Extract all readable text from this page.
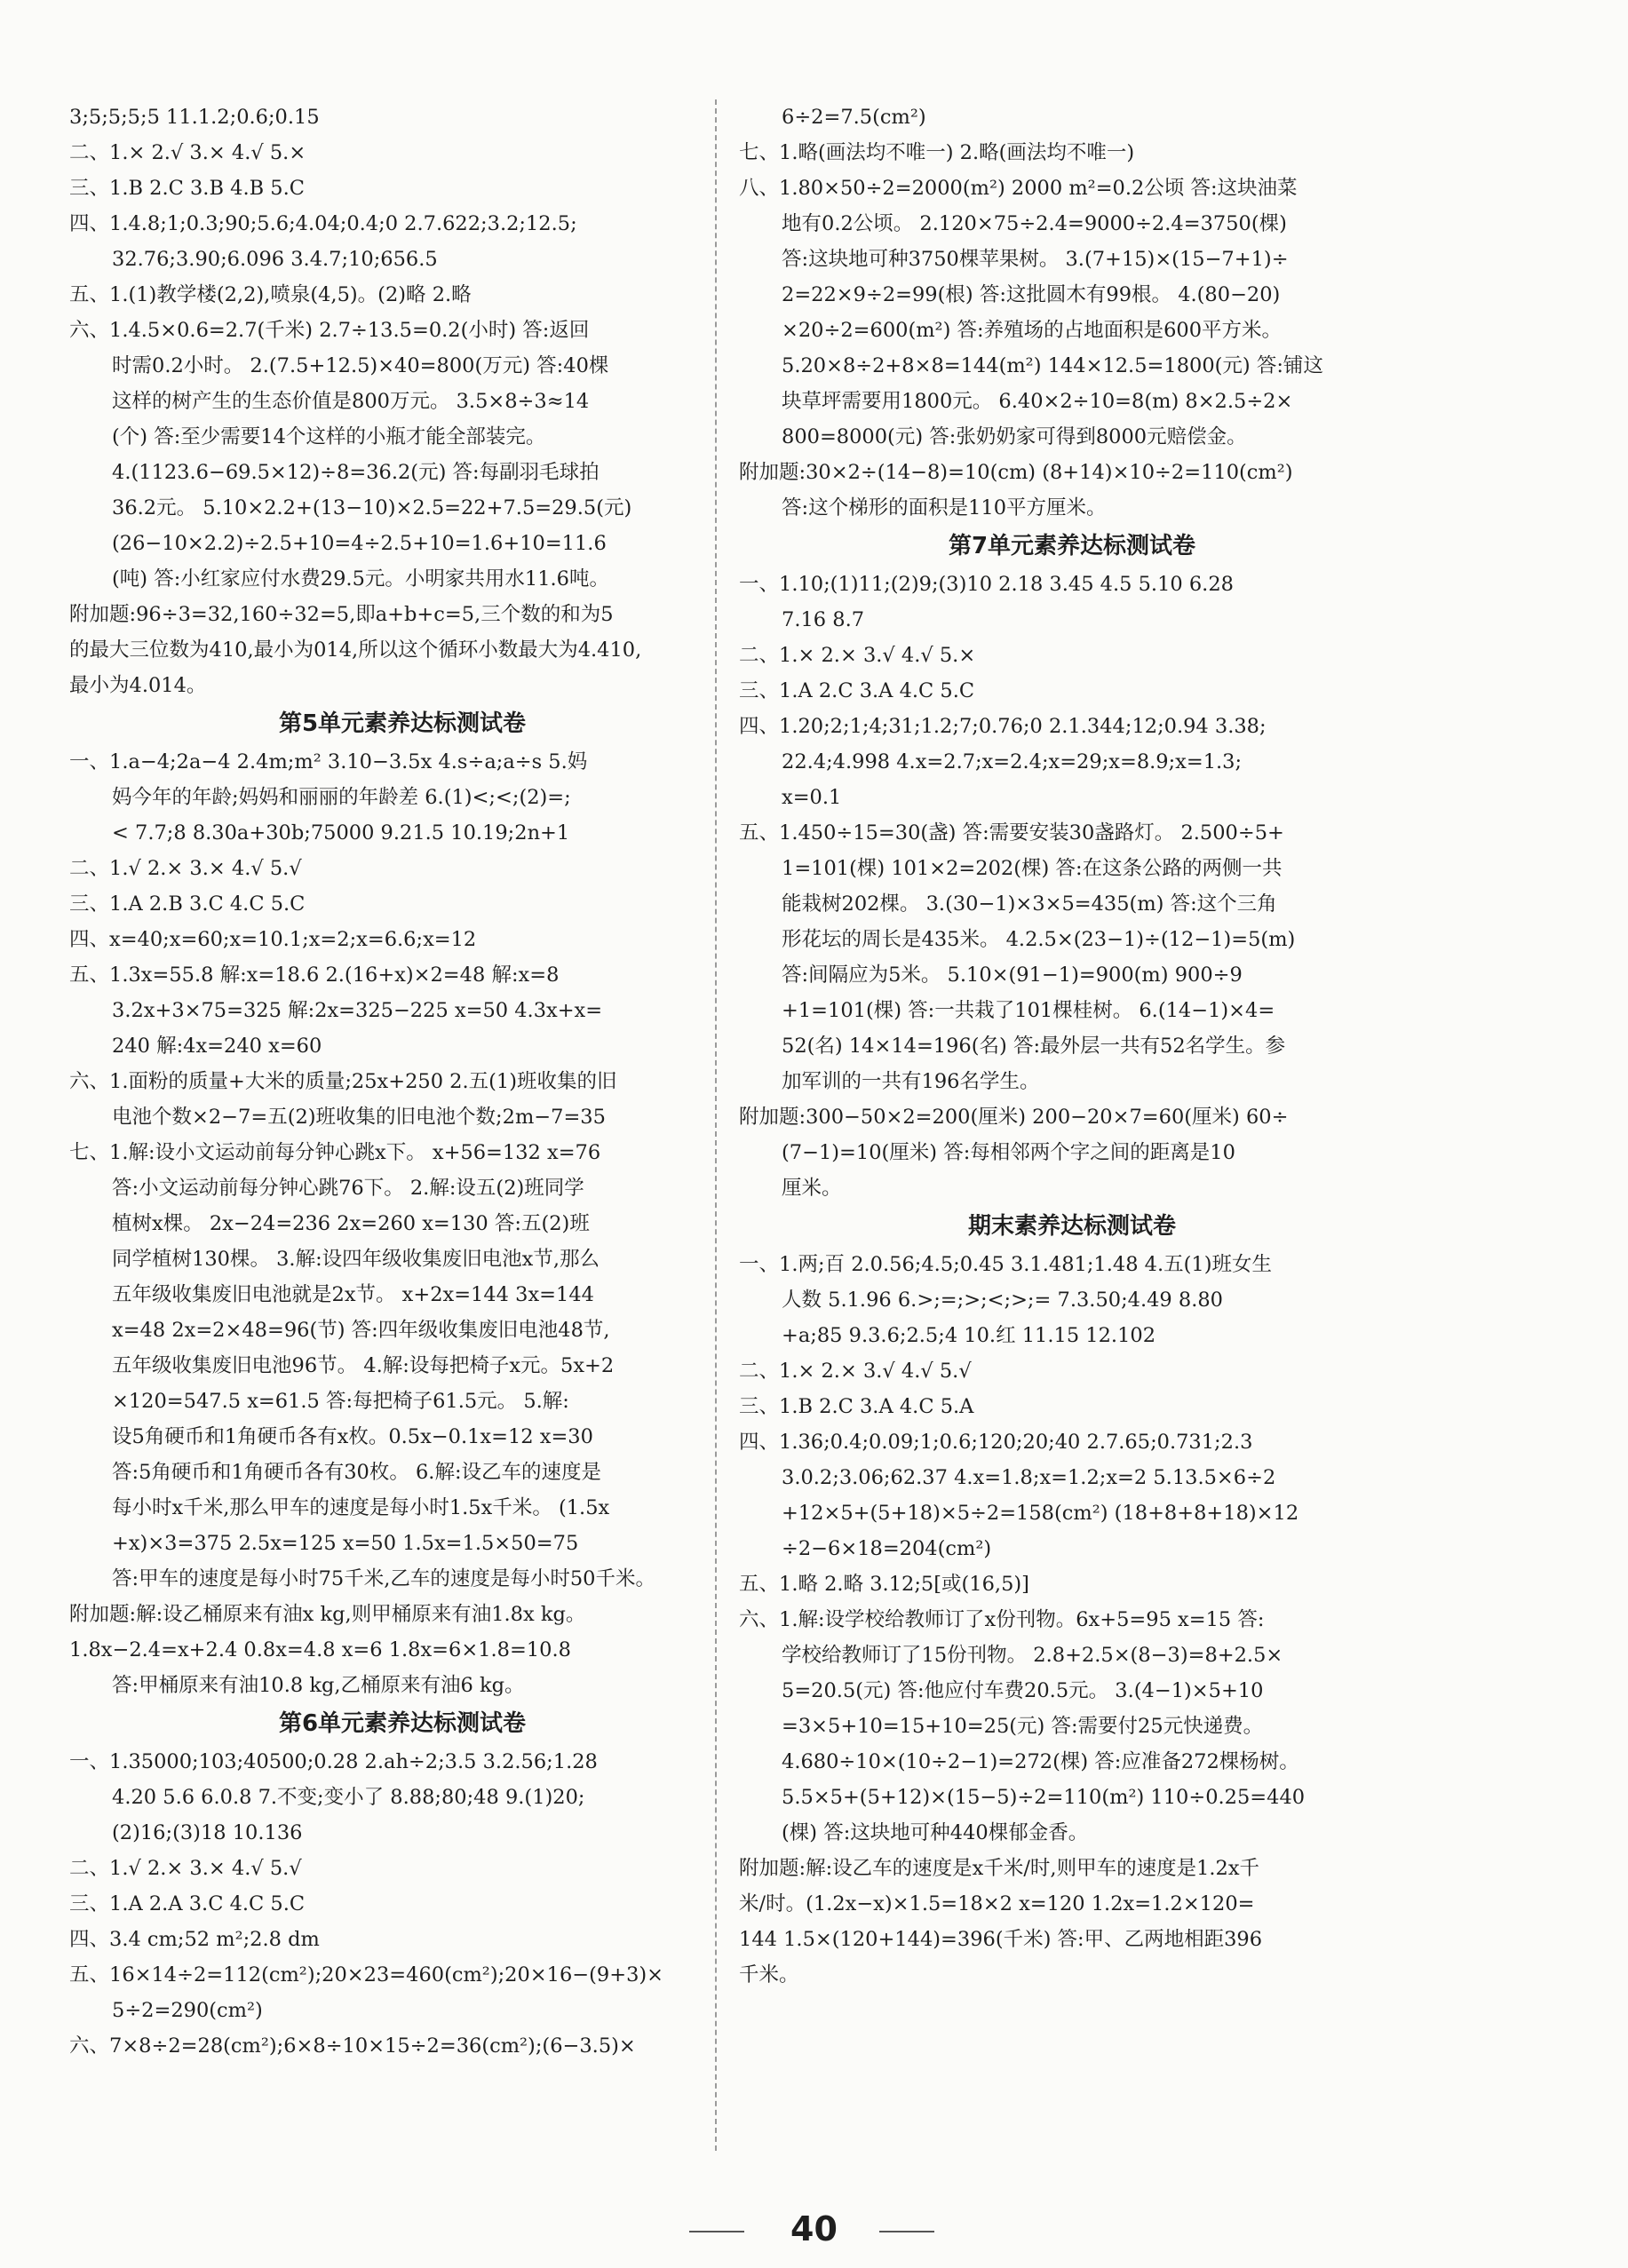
3;5;5;5;5 11.1.2;0.6;0.15
二、1.× 2.√ 3.× 4.√ 5.×
三、1.B 2.C 3.B 4.B 5.C
四、1.4.8;1;0.3;90;5.6;4.04;0.4;0 2.7.622;3.2;12.5;
32.76;3.90;6.096 3.4.7;10;656.5
五、1.(1)教学楼(2,2),喷泉(4,5)。(2)略 2.略
六、1.4.5×0.6=2.7(千米) 2.7÷13.5=0.2(小时) 答:返回
时需0.2小时。 2.(7.5+12.5)×40=800(万元) 答:40棵
这样的树产生的生态价值是800万元。 3.5×8÷3≈14
(个) 答:至少需要14个这样的小瓶才能全部装完。
4.(1123.6−69.5×12)÷8=36.2(元) 答:每副羽毛球拍
36.2元。 5.10×2.2+(13−10)×2.5=22+7.5=29.5(元)
(26−10×2.2)÷2.5+10=4÷2.5+10=1.6+10=11.6
(吨) 答:小红家应付水费29.5元。小明家共用水11.6吨。
附加题:96÷3=32,160÷32=5,即a+b+c=5,三个数的和为5
的最大三位数为410,最小为014,所以这个循环小数最大为4.410,
最小为4.014。
第5单元素养达标测试卷
一、1.a−4;2a−4 2.4m;m² 3.10−3.5x 4.s÷a;a÷s 5.妈
妈今年的年龄;妈妈和丽丽的年龄差 6.(1)<;<;(2)=;
< 7.7;8 8.30a+30b;75000 9.21.5 10.19;2n+1
二、1.√ 2.× 3.× 4.√ 5.√
三、1.A 2.B 3.C 4.C 5.C
四、x=40;x=60;x=10.1;x=2;x=6.6;x=12
五、1.3x=55.8 解:x=18.6 2.(16+x)×2=48 解:x=8
3.2x+3×75=325 解:2x=325−225 x=50 4.3x+x=
240 解:4x=240 x=60
六、1.面粉的质量+大米的质量;25x+250 2.五(1)班收集的旧
电池个数×2−7=五(2)班收集的旧电池个数;2m−7=35
七、1.解:设小文运动前每分钟心跳x下。 x+56=132 x=76
答:小文运动前每分钟心跳76下。 2.解:设五(2)班同学
植树x棵。 2x−24=236 2x=260 x=130 答:五(2)班
同学植树130棵。 3.解:设四年级收集废旧电池x节,那么
五年级收集废旧电池就是2x节。 x+2x=144 3x=144
x=48 2x=2×48=96(节) 答:四年级收集废旧电池48节,
五年级收集废旧电池96节。 4.解:设每把椅子x元。5x+2
×120=547.5 x=61.5 答:每把椅子61.5元。 5.解:
设5角硬币和1角硬币各有x枚。0.5x−0.1x=12 x=30
答:5角硬币和1角硬币各有30枚。 6.解:设乙车的速度是
每小时x千米,那么甲车的速度是每小时1.5x千米。 (1.5x
+x)×3=375 2.5x=125 x=50 1.5x=1.5×50=75
答:甲车的速度是每小时75千米,乙车的速度是每小时50千米。
附加题:解:设乙桶原来有油x kg,则甲桶原来有油1.8x kg。
1.8x−2.4=x+2.4 0.8x=4.8 x=6 1.8x=6×1.8=10.8
答:甲桶原来有油10.8 kg,乙桶原来有油6 kg。
第6单元素养达标测试卷
一、1.35000;103;40500;0.28 2.ah÷2;3.5 3.2.56;1.28
4.20 5.6 6.0.8 7.不变;变小了 8.88;80;48 9.(1)20;
(2)16;(3)18 10.136
二、1.√ 2.× 3.× 4.√ 5.√
三、1.A 2.A 3.C 4.C 5.C
四、3.4 cm;52 m²;2.8 dm
五、16×14÷2=112(cm²);20×23=460(cm²);20×16−(9+3)×
5÷2=290(cm²)
六、7×8÷2=28(cm²);6×8÷10×15÷2=36(cm²);(6−3.5)×
6÷2=7.5(cm²)
七、1.略(画法均不唯一) 2.略(画法均不唯一)
八、1.80×50÷2=2000(m²) 2000 m²=0.2公顷 答:这块油菜
地有0.2公顷。 2.120×75÷2.4=9000÷2.4=3750(棵)
答:这块地可种3750棵苹果树。 3.(7+15)×(15−7+1)÷
2=22×9÷2=99(根) 答:这批圆木有99根。 4.(80−20)
×20÷2=600(m²) 答:养殖场的占地面积是600平方米。
5.20×8÷2+8×8=144(m²) 144×12.5=1800(元) 答:铺这
块草坪需要用1800元。 6.40×2÷10=8(m) 8×2.5÷2×
800=8000(元) 答:张奶奶家可得到8000元赔偿金。
附加题:30×2÷(14−8)=10(cm) (8+14)×10÷2=110(cm²)
答:这个梯形的面积是110平方厘米。
第7单元素养达标测试卷
一、1.10;(1)11;(2)9;(3)10 2.18 3.45 4.5 5.10 6.28
7.16 8.7
二、1.× 2.× 3.√ 4.√ 5.×
三、1.A 2.C 3.A 4.C 5.C
四、1.20;2;1;4;31;1.2;7;0.76;0 2.1.344;12;0.94 3.38;
22.4;4.998 4.x=2.7;x=2.4;x=29;x=8.9;x=1.3;
x=0.1
五、1.450÷15=30(盏) 答:需要安装30盏路灯。 2.500÷5+
1=101(棵) 101×2=202(棵) 答:在这条公路的两侧一共
能栽树202棵。 3.(30−1)×3×5=435(m) 答:这个三角
形花坛的周长是435米。 4.2.5×(23−1)÷(12−1)=5(m)
答:间隔应为5米。 5.10×(91−1)=900(m) 900÷9
+1=101(棵) 答:一共栽了101棵桂树。 6.(14−1)×4=
52(名) 14×14=196(名) 答:最外层一共有52名学生。参
加军训的一共有196名学生。
附加题:300−50×2=200(厘米) 200−20×7=60(厘米) 60÷
(7−1)=10(厘米) 答:每相邻两个字之间的距离是10
厘米。
期末素养达标测试卷
一、1.两;百 2.0.56;4.5;0.45 3.1.481;1.48 4.五(1)班女生
人数 5.1.96 6.>;=;>;<;>;= 7.3.50;4.49 8.80
+a;85 9.3.6;2.5;4 10.红 11.15 12.102
二、1.× 2.× 3.√ 4.√ 5.√
三、1.B 2.C 3.A 4.C 5.A
四、1.36;0.4;0.09;1;0.6;120;20;40 2.7.65;0.731;2.3
3.0.2;3.06;62.37 4.x=1.8;x=1.2;x=2 5.13.5×6÷2
+12×5+(5+18)×5÷2=158(cm²) (18+8+8+18)×12
÷2−6×18=204(cm²)
五、1.略 2.略 3.12;5[或(16,5)]
六、1.解:设学校给教师订了x份刊物。6x+5=95 x=15 答:
学校给教师订了15份刊物。 2.8+2.5×(8−3)=8+2.5×
5=20.5(元) 答:他应付车费20.5元。 3.(4−1)×5+10
=3×5+10=15+10=25(元) 答:需要付25元快递费。
4.680÷10×(10÷2−1)=272(棵) 答:应准备272棵杨树。
5.5×5+(5+12)×(15−5)÷2=110(m²) 110÷0.25=440
(棵) 答:这块地可种440棵郁金香。
附加题:解:设乙车的速度是x千米/时,则甲车的速度是1.2x千
米/时。(1.2x−x)×1.5=18×2 x=120 1.2x=1.2×120=
144 1.5×(120+144)=396(千米) 答:甲、乙两地相距396
千米。
40
